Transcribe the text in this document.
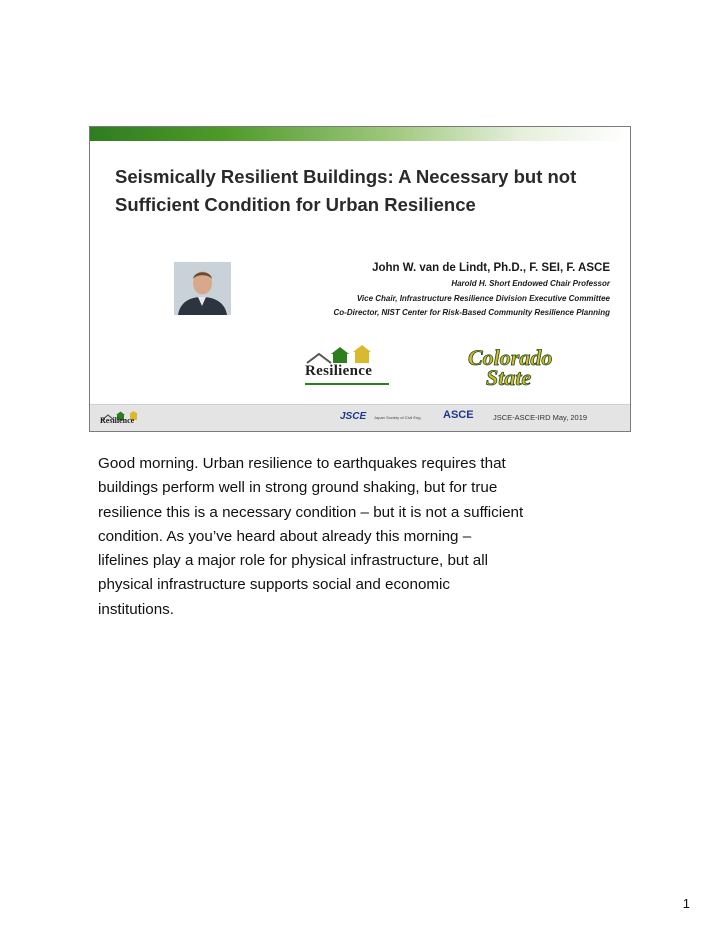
Seismically Resilient Buildings: A Necessary but not
Sufficient Condition for Urban Resilience
John W. van de Lindt, Ph.D., F. SEI, F. ASCE
Harold H. Short Endowed Chair Professor
Vice Chair, Infrastructure Resilience Division Executive Committee
Co-Director, NIST Center for Risk-Based Community Resilience Planning
Resilience
Colorado
State
Resilience	JSCE Japan Society of Civil Eng. ASCE	JSCE-ASCE-IRD May, 2019
Good morning. Urban resilience to earthquakes requires that
buildings perform well in strong ground shaking, but for true
resilience this is a necessary condition – but it is not a sufficient
condition. As you’ve heard about already this morning –
lifelines play a major role for physical infrastructure, but all
physical infrastructure supports social and economic
institutions.
1
